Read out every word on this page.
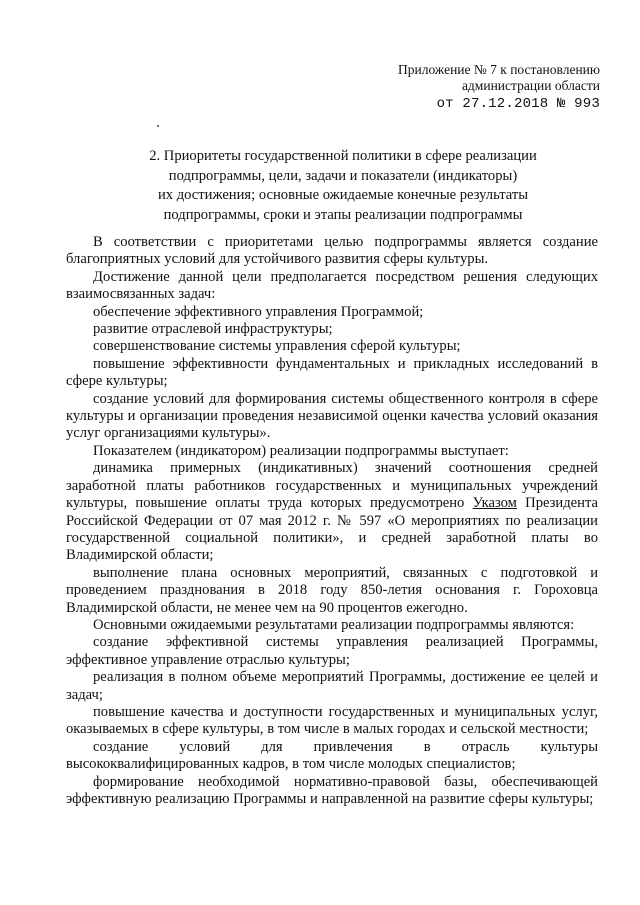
Приложение № 7 к постановлению
администрации области
от 27.12.2018 № 993
2. Приоритеты государственной политики в сфере реализации
подпрограммы, цели, задачи и показатели (индикаторы)
их достижения; основные ожидаемые конечные результаты
подпрограммы, сроки и этапы реализации подпрограммы

В соответствии с приоритетами целью подпрограммы является создание благоприятных условий для устойчивого развития сферы культуры.

Достижение данной цели предполагается посредством решения следующих взаимосвязанных задач:

обеспечение эффективного управления Программой;

развитие отраслевой инфраструктуры;

совершенствование системы управления сферой культуры;

повышение эффективности фундаментальных и прикладных исследований в сфере культуры;

создание условий для формирования системы общественного контроля в сфере культуры и организации проведения независимой оценки качества условий оказания услуг организациями культуры».

Показателем (индикатором) реализации подпрограммы выступает:

динамика примерных (индикативных) значений соотношения средней заработной платы работников государственных и муниципальных учреждений культуры, повышение оплаты труда которых предусмотрено Указом Президента Российской Федерации от 07 мая 2012 г. № 597 «О мероприятиях по реализации государственной социальной политики», и средней заработной платы во Владимирской области;

выполнение плана основных мероприятий, связанных с подготовкой и проведением празднования в 2018 году 850-летия основания г. Гороховца Владимирской области, не менее чем на 90 процентов ежегодно.

Основными ожидаемыми результатами реализации подпрограммы являются:

создание эффективной системы управления реализацией Программы, эффективное управление отраслью культуры;

реализация в полном объеме мероприятий Программы, достижение ее целей и задач;

повышение качества и доступности государственных и муниципальных услуг, оказываемых в сфере культуры, в том числе в малых городах и сельской местности;

создание условий для привлечения в отрасль культуры высококвалифицированных кадров, в том числе молодых специалистов;

формирование необходимой нормативно-правовой базы, обеспечивающей эффективную реализацию Программы и направленной на развитие сферы культуры;
